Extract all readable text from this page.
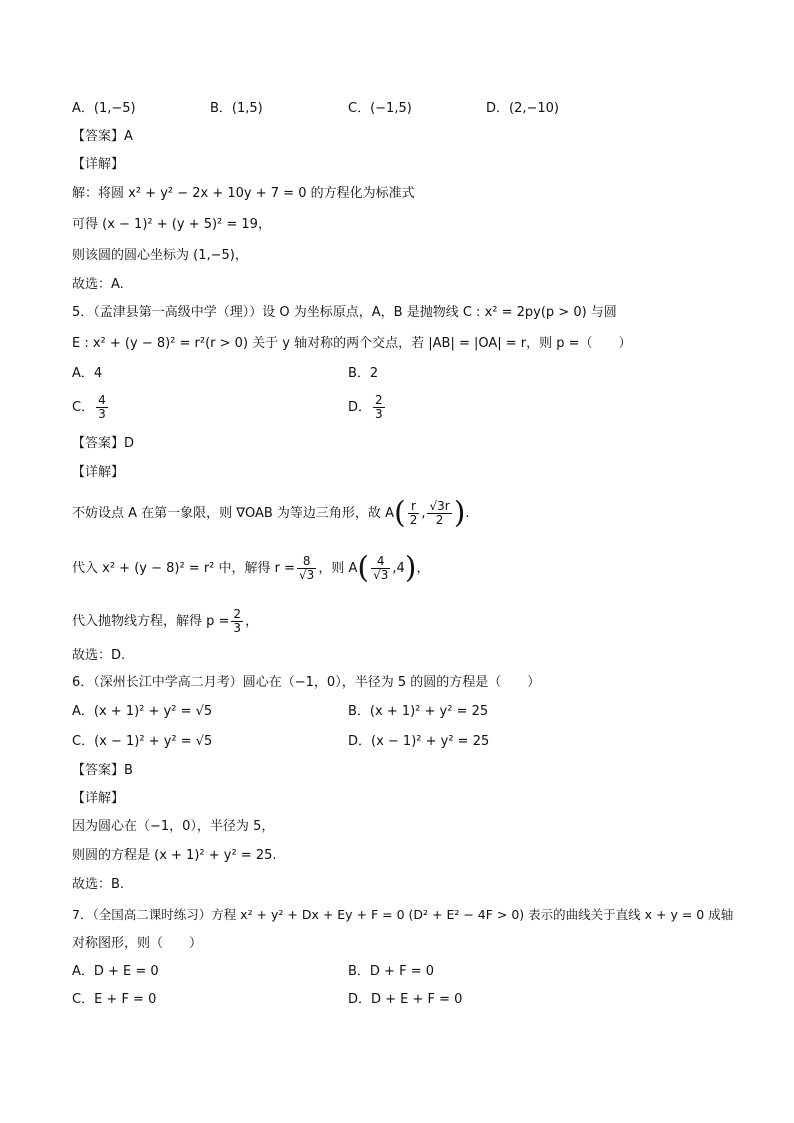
A．(1,−5)	B．(1,5)	C．(−1,5)	D．(2,−10)
【答案】A
【详解】
解：将圆 x² + y² − 2x + 10y + 7 = 0 的方程化为标准式
可得 (x − 1)² + (y + 5)² = 19，
则该圆的圆心坐标为 (1,−5)，
故选：A.
5．（孟津县第一高级中学（理））设 O 为坐标原点，A，B 是抛物线 C : x² = 2py(p > 0) 与圆
E : x² + (y − 8)² = r²(r > 0) 关于 y 轴对称的两个交点，若 |AB| = |OA| = r，则 p =（　　）
A．4	B．2
C． $\frac{4}{3}$	D． $\frac{2}{3}$
【答案】D
【详解】
不妨设点 A 在第一象限，则 ∇OAB 为等边三角形，故 $A( \frac{r}{2}$ , $\frac{√3r}{2}$ ).
代入 x² + (y − 8)² = r² 中，解得 $r = \frac{8}{√3}$ ，则 $A( \frac{4}{√3} ,4)$，
代入抛物线方程，解得 $p = \frac{2}{3}$ ，
故选：D.
6．（深州长江中学高二月考）圆心在（−1，0），半径为 5 的圆的方程是（　　）
A．(x + 1)² + y² = √5	B．(x + 1)² + y² = 25
C．(x − 1)² + y² = √5	D．(x − 1)² + y² = 25
【答案】B
【详解】
因为圆心在（−1，0），半径为 5，
则圆的方程是 (x + 1)² + y² = 25.
故选：B.
7．（全国高二课时练习）方程 x² + y² + Dx + Ey + F = 0 (D² + E² − 4F > 0) 表示的曲线关于直线 x + y = 0 成轴
对称图形，则（　　）
A．D + E = 0	B．D + F = 0
C．E + F = 0	D．D + E + F = 0
